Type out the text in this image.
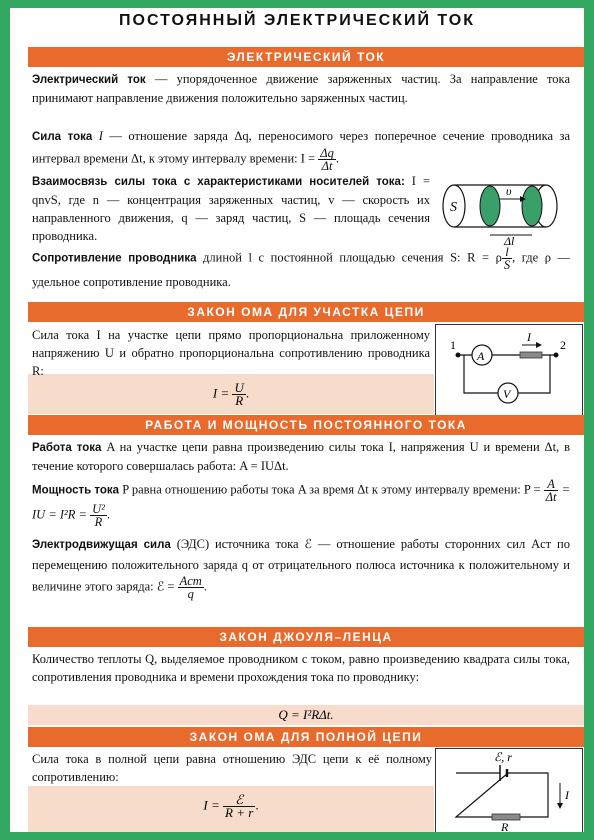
ПОСТОЯННЫЙ ЭЛЕКТРИЧЕСКИЙ ТОК
ЭЛЕКТРИЧЕСКИЙ ТОК
Электрический ток — упорядоченное движение заряженных частиц. За направление тока принимают направление движения положительно заряженных частиц.
Сила тока I — отношение заряда Δq, переносимого через поперечное сечение проводника за интервал времени Δt, к этому интервалу времени: $I = \frac{\Delta q}{\Delta t}$ .
Взаимосвязь силы тока с характеристиками носителей тока: I = qnvS, где n — концентрация заряженных частиц, v — скорость их направленного движения, q — заряд частиц, S — площадь сечения проводника.
S
υ
Δl
Сопротивление проводника длиной l с постоянной площадью сечения S: R = ρ $\frac{l}{S}$ , где ρ — удельное сопротивление проводника.
ЗАКОН ОМА ДЛЯ УЧАСТКА ЦЕПИ
Сила тока I на участке цепи прямо пропорциональна приложенному напряжению U и обратно пропорциональна сопротивлению проводника R:
$I = \frac{U}{R}$ .
1	2
A
V
I
РАБОТА И МОЩНОСТЬ ПОСТОЯННОГО ТОКА
Работа тока A на участке цепи равна произведению силы тока I, напряжения U и времени Δt, в течение которого совершалась работа: A = IUΔt.
Мощность тока P равна отношению работы тока A за время Δt к этому интервалу времени: $P = \frac{A}{\Delta t}$ = IU = $I^2R = \frac{\text{U²}}{R}$ .
Электродвижущая сила (ЭДС) источника тока ℰ — отношение работы сторонних сил Aст по перемещению положительного заряда q от отрицательного полюса источника к положительному и величине этого заряда: ℰ = $\frac{\text{Aст}}{q}$ .
ЗАКОН ДЖОУЛЯ–ЛЕНЦА
Количество теплоты Q, выделяемое проводником с током, равно произведению квадрата силы тока, сопротивления проводника и времени прохождения тока по проводнику:
Q = I²RΔt.
ЗАКОН ОМА ДЛЯ ПОЛНОЙ ЦЕПИ
Сила тока в полной цепи равна отношению ЭДС цепи к её полному сопротивлению:
$I = \frac{\text{ℰ}}{R + r}$ .
ℰ, r
I
R
